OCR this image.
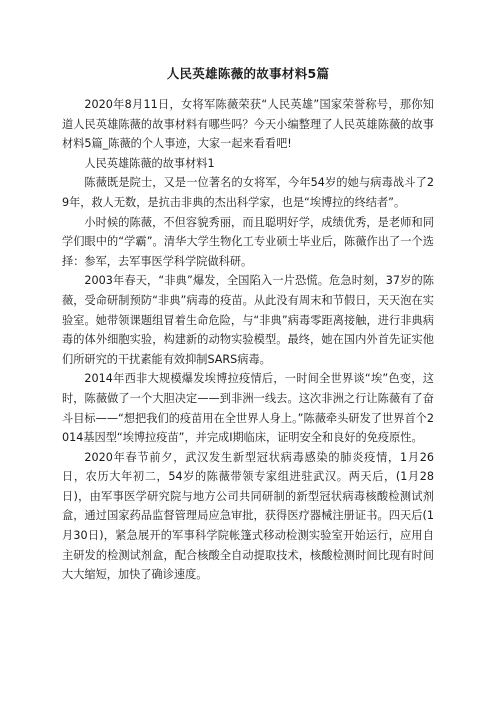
人民英雄陈薇的故事材料5篇

2020年8月11日，女将军陈薇荣获“人民英雄”国家荣誉称号，那你知道人民英雄陈薇的故事材料有哪些吗？今天小编整理了人民英雄陈薇的故事材料5篇_陈薇的个人事迹，大家一起来看看吧!

人民英雄陈薇的故事材料1

陈薇既是院士，又是一位著名的女将军，今年54岁的她与病毒战斗了29年，救人无数，是抗击非典的杰出科学家，也是“埃博拉的终结者”。

小时候的陈薇，不但容貌秀丽，而且聪明好学，成绩优秀，是老师和同学们眼中的“学霸”。清华大学生物化工专业硕士毕业后，陈薇作出了一个选择：参军，去军事医学科学院做科研。

2003年春天，“非典”爆发，全国陷入一片恐慌。危急时刻，37岁的陈薇，受命研制预防“非典”病毒的疫苗。从此没有周末和节假日，天天泡在实验室。她带领课题组冒着生命危险，与“非典”病毒零距离接触，进行非典病毒的体外细胞实验，构建新的动物实验模型。最终，她在国内外首先证实他们所研究的干扰素能有效抑制SARS病毒。

2014年西非大规模爆发埃博拉疫情后，一时间全世界谈“埃”色变，这时，陈薇做了一个大胆决定——到非洲一线去。这次非洲之行让陈薇有了奋斗目标——“想把我们的疫苗用在全世界人身上。”陈薇牵头研发了世界首个2014基因型“埃博拉疫苗”，并完成I期临床，证明安全和良好的免疫原性。

2020年春节前夕，武汉发生新型冠状病毒感染的肺炎疫情，1月26日，农历大年初二，54岁的陈薇带领专家组进驻武汉。两天后，(1月28日)，由军事医学研究院与地方公司共同研制的新型冠状病毒核酸检测试剂盒，通过国家药品监督管理局应急审批，获得医疗器械注册证书。四天后(1月30日)，紧急展开的军事科学院帐篷式移动检测实验室开始运行，应用自主研发的检测试剂盒，配合核酸全自动提取技术，核酸检测时间比现有时间大大缩短，加快了确诊速度。
